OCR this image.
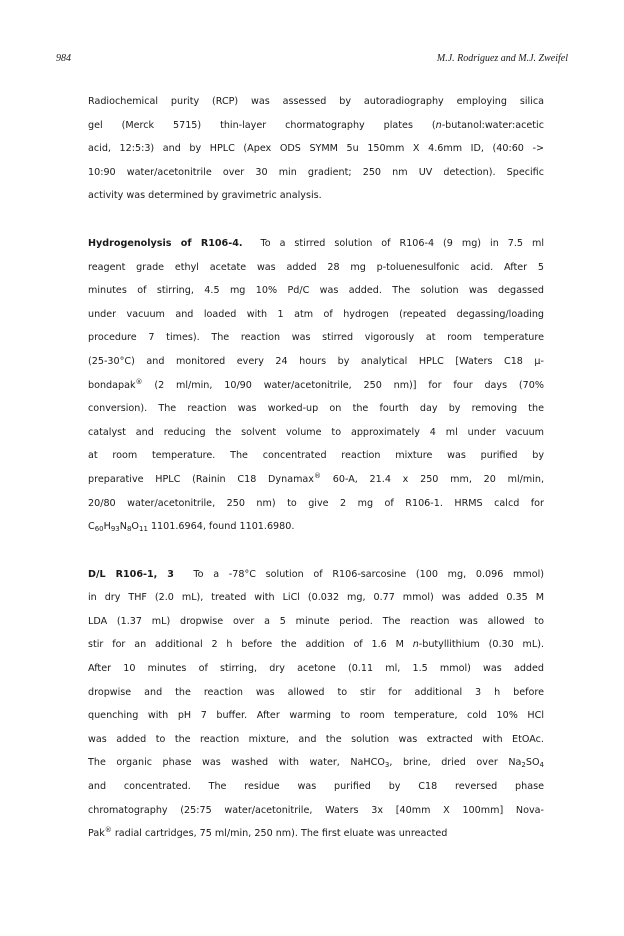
984	M.J. Rodriguez and M.J. Zweifel
Radiochemical purity (RCP) was assessed by autoradiography employing silica
gel (Merck 5715) thin-layer chormatography plates (n-butanol:water:acetic
acid, 12:5:3) and by HPLC (Apex ODS SYMM 5u 150mm X 4.6mm ID, (40:60 ->
10:90 water/acetonitrile over 30 min gradient; 250 nm UV detection). Specific
activity was determined by gravimetric analysis.
Hydrogenolysis of R106-4.  To a stirred solution of R106-4 (9 mg) in 7.5 ml
reagent grade ethyl acetate was added 28 mg p-toluenesulfonic acid. After 5
minutes of stirring, 4.5 mg 10% Pd/C was added. The solution was degassed
under vacuum and loaded with 1 atm of hydrogen (repeated degassing/loading
procedure 7 times). The reaction was stirred vigorously at room temperature
(25-30°C) and monitored every 24 hours by analytical HPLC [Waters C18 μ-
bondapak® (2 ml/min, 10/90 water/acetonitrile, 250 nm)] for four days (70%
conversion). The reaction was worked-up on the fourth day by removing the
catalyst and reducing the solvent volume to approximately 4 ml under vacuum
at room temperature. The concentrated reaction mixture was purified by
preparative HPLC (Rainin C18 Dynamax® 60-A, 21.4 x 250 mm, 20 ml/min,
20/80 water/acetonitrile, 250 nm) to give 2 mg of R106-1. HRMS calcd for
$C_{60}H_{93}N_8O_{11}$ 1101.6964, found 1101.6980.
D/L R106-1, 3  To a -78°C solution of R106-sarcosine (100 mg, 0.096 mmol)
in dry THF (2.0 mL), treated with LiCl (0.032 mg, 0.77 mmol) was added 0.35 M
LDA (1.37 mL) dropwise over a 5 minute period. The reaction was allowed to
stir for an additional 2 h before the addition of 1.6 M n-butyllithium (0.30 mL).
After 10 minutes of stirring, dry acetone (0.11 ml, 1.5 mmol) was added
dropwise and the reaction was allowed to stir for additional 3 h before
quenching with pH 7 buffer. After warming to room temperature, cold 10% HCl
was added to the reaction mixture, and the solution was extracted with EtOAc.
The organic phase was washed with water, NaHCO$_3$, brine, dried over $Na_2SO_4$
and concentrated. The residue was purified by C18 reversed phase
chromatography (25:75 water/acetonitrile, Waters 3x [40mm X 100mm] Nova-
Pak® radial cartridges, 75 ml/min, 250 nm). The first eluate was unreacted
